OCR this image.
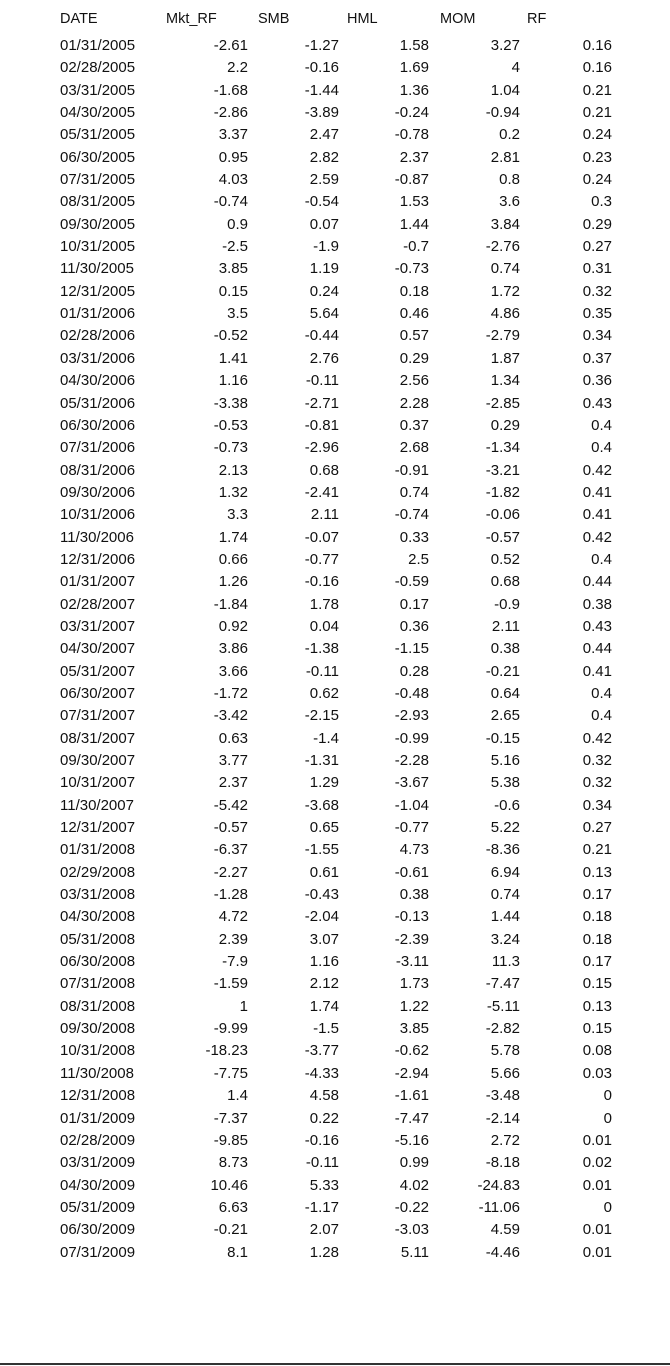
DATE	Mkt_RF	SMB	HML	MOM	RF
01/31/2005	-2.61	-1.27	1.58	3.27	0.16
02/28/2005	2.2	-0.16	1.69	4	0.16
03/31/2005	-1.68	-1.44	1.36	1.04	0.21
04/30/2005	-2.86	-3.89	-0.24	-0.94	0.21
05/31/2005	3.37	2.47	-0.78	0.2	0.24
06/30/2005	0.95	2.82	2.37	2.81	0.23
07/31/2005	4.03	2.59	-0.87	0.8	0.24
08/31/2005	-0.74	-0.54	1.53	3.6	0.3
09/30/2005	0.9	0.07	1.44	3.84	0.29
10/31/2005	-2.5	-1.9	-0.7	-2.76	0.27
11/30/2005	3.85	1.19	-0.73	0.74	0.31
12/31/2005	0.15	0.24	0.18	1.72	0.32
01/31/2006	3.5	5.64	0.46	4.86	0.35
02/28/2006	-0.52	-0.44	0.57	-2.79	0.34
03/31/2006	1.41	2.76	0.29	1.87	0.37
04/30/2006	1.16	-0.11	2.56	1.34	0.36
05/31/2006	-3.38	-2.71	2.28	-2.85	0.43
06/30/2006	-0.53	-0.81	0.37	0.29	0.4
07/31/2006	-0.73	-2.96	2.68	-1.34	0.4
08/31/2006	2.13	0.68	-0.91	-3.21	0.42
09/30/2006	1.32	-2.41	0.74	-1.82	0.41
10/31/2006	3.3	2.11	-0.74	-0.06	0.41
11/30/2006	1.74	-0.07	0.33	-0.57	0.42
12/31/2006	0.66	-0.77	2.5	0.52	0.4
01/31/2007	1.26	-0.16	-0.59	0.68	0.44
02/28/2007	-1.84	1.78	0.17	-0.9	0.38
03/31/2007	0.92	0.04	0.36	2.11	0.43
04/30/2007	3.86	-1.38	-1.15	0.38	0.44
05/31/2007	3.66	-0.11	0.28	-0.21	0.41
06/30/2007	-1.72	0.62	-0.48	0.64	0.4
07/31/2007	-3.42	-2.15	-2.93	2.65	0.4
08/31/2007	0.63	-1.4	-0.99	-0.15	0.42
09/30/2007	3.77	-1.31	-2.28	5.16	0.32
10/31/2007	2.37	1.29	-3.67	5.38	0.32
11/30/2007	-5.42	-3.68	-1.04	-0.6	0.34
12/31/2007	-0.57	0.65	-0.77	5.22	0.27
01/31/2008	-6.37	-1.55	4.73	-8.36	0.21
02/29/2008	-2.27	0.61	-0.61	6.94	0.13
03/31/2008	-1.28	-0.43	0.38	0.74	0.17
04/30/2008	4.72	-2.04	-0.13	1.44	0.18
05/31/2008	2.39	3.07	-2.39	3.24	0.18
06/30/2008	-7.9	1.16	-3.11	11.3	0.17
07/31/2008	-1.59	2.12	1.73	-7.47	0.15
08/31/2008	1	1.74	1.22	-5.11	0.13
09/30/2008	-9.99	-1.5	3.85	-2.82	0.15
10/31/2008	-18.23	-3.77	-0.62	5.78	0.08
11/30/2008	-7.75	-4.33	-2.94	5.66	0.03
12/31/2008	1.4	4.58	-1.61	-3.48	0
01/31/2009	-7.37	0.22	-7.47	-2.14	0
02/28/2009	-9.85	-0.16	-5.16	2.72	0.01
03/31/2009	8.73	-0.11	0.99	-8.18	0.02
04/30/2009	10.46	5.33	4.02	-24.83	0.01
05/31/2009	6.63	-1.17	-0.22	-11.06	0
06/30/2009	-0.21	2.07	-3.03	4.59	0.01
07/31/2009	8.1	1.28	5.11	-4.46	0.01
